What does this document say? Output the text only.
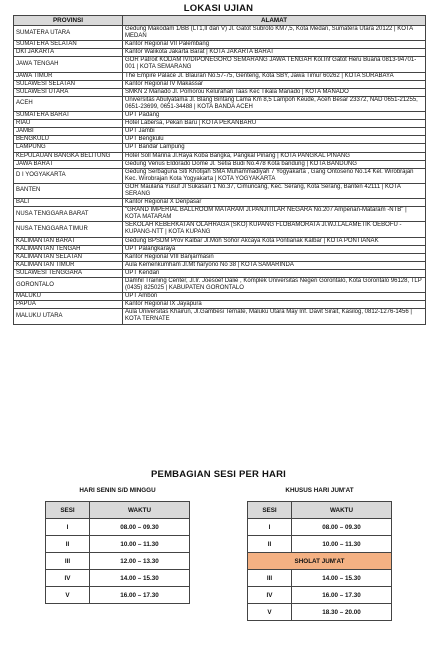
LOKASI UJIAN
PROVINSI	ALAMAT
SUMATERA UTARA	Gedung Makodam 1/BB (LT1,II dan V) Jl. Gatot Subroto KM7,5, Kota Medan, Sumatera Utara 20122 | KOTA MEDAN
SUMATERA SELATAN	Kantor Regional VII Palembang
DKI JAKARTA	Kantor Walikota Jakarta Barat | KOTA JAKARTA BARAT
JAWA TENGAH	GOR Patroit KODAM IV/DIPONEGORO SEMARANG JAWA TENGAH Kol.Inf Gatot Heru Buana 0813-94701-001 | KOTA SEMARANG
JAWA TIMUR	The Empire Palace Jl. Blauran No.57-75, Genteng, Kota SBY, Jawa Timur 60262 | KOTA SURABAYA
SULAWESI SELATAN	Kantor Regional IV Makassar
SULAWESI UTARA	SMKN 2 Manado Jl. Pomorou Kelurahan Taas Kec Tikala Manado | KOTA MANADO
ACEH	Universitas Abulyatama Jl. Blang Bintang Lama Km 8,5 Lampoh Keude, Aceh Besar 23372, NAD 0651-21255, 0651-23699, 0651-34488 | KOTA BANDA ACEH
SUMATERA BARAT	UPT Padang
RIAU	Hotel Labersa, Pekan Baru | KOTA PEKANBARU
JAMBI	UPT Jambi
BENGKULU	UPT Bengkulu
LAMPUNG	UPT Bandar Lampung
KEPULAUAN BANGKA BELITUNG	Hotel Soll Marina Jl.Raya Koba Bangka, Pangkal Pinang | KOTA PANGKAL PINANG
JAWA BARAT	Gedung Venus Eldorado Dome Jl. Setia Budi No.478 Kota bandung | KOTA BANDUNG
D I YOGYAKARTA	Gedung Serbaguna Siti Khotijah SMA Muhammadiyah 7 Yogyakarta , Gang Ontoseno No.14 Kel. Wirobrajan Kec. Wirobrajan Kota Yogyakarta | KOTA YOGYAKARTA
BANTEN	GOR Maulana Yusuf Jl Sukasari 1 No.37, Cimuncang, Kec. Serang, Kota Serang, Banten 42111 | KOTA SERANG
BALI	Kantor Regional X Denpasar
NUSA TENGGARA BARAT	"GRAND IMPERIAL BALLROOM MATARAM Jl.PANJITILAR NEGARA No.207 Ampenan-Mataram -NTB" | KOTA MATARAM
NUSA TENGGARA TIMUR	SEKOLAH KEBERKATAN OLAHRAGA (SKO) KUPANG FLOBAMORATA Jl.WJ.LALAMETIK OEBOFU - KUPANG-NTT | KOTA KUPANG
KALIMANTAN BARAT	Gedung BPSDM Prov Kalbar Jl.Moh Sohor Akcaya Kota Pontianak Kalbar | KOTA PONTIANAK
KALIMANTAN TENGAH	UPT Palangkaraya
KALIMANTAN SELATAN	Kantor Regional VIII Banjarmasin
KALIMANTAN TIMUR	Aula Kemenkumham Jl.Mt haryono No 38 | KOTA SAMARINDA
SULAWESI TENGGARA	UPT Kendari
GORONTALO	Damhil Training Center, Jl.Ir. Joesoef Dalie , Komplek Universitas Negeri Gorontalo, Kota Gorontalo 96128, TLP (0435) 825025 | KABUPATEN GORONTALO
MALUKU	UPT Ambon
PAPUA	Kantor Regional IX Jayapura
MALUKU UTARA	Aula Universitas Khairun, Jl.Gambesi Ternate, Maluku Utara May Inf. Davit Sirait, Kasilog, 0812-1276-1456 | KOTA TERNATE
PEMBAGIAN SESI PER HARI
HARI SENIN S/D MINGGU	KHUSUS HARI JUM'AT
SESI	WAKTU
I	08.00 – 09.30
II	10.00 – 11.30
III	12.00 – 13.30
IV	14.00 – 15.30
V	16.00 – 17.30
SESI	WAKTU
I	08.00 – 09.30
II	10.00 – 11.30
SHOLAT JUM'AT	
III	14.00 – 15.30
IV	16.00 – 17.30
V	18.30 – 20.00
